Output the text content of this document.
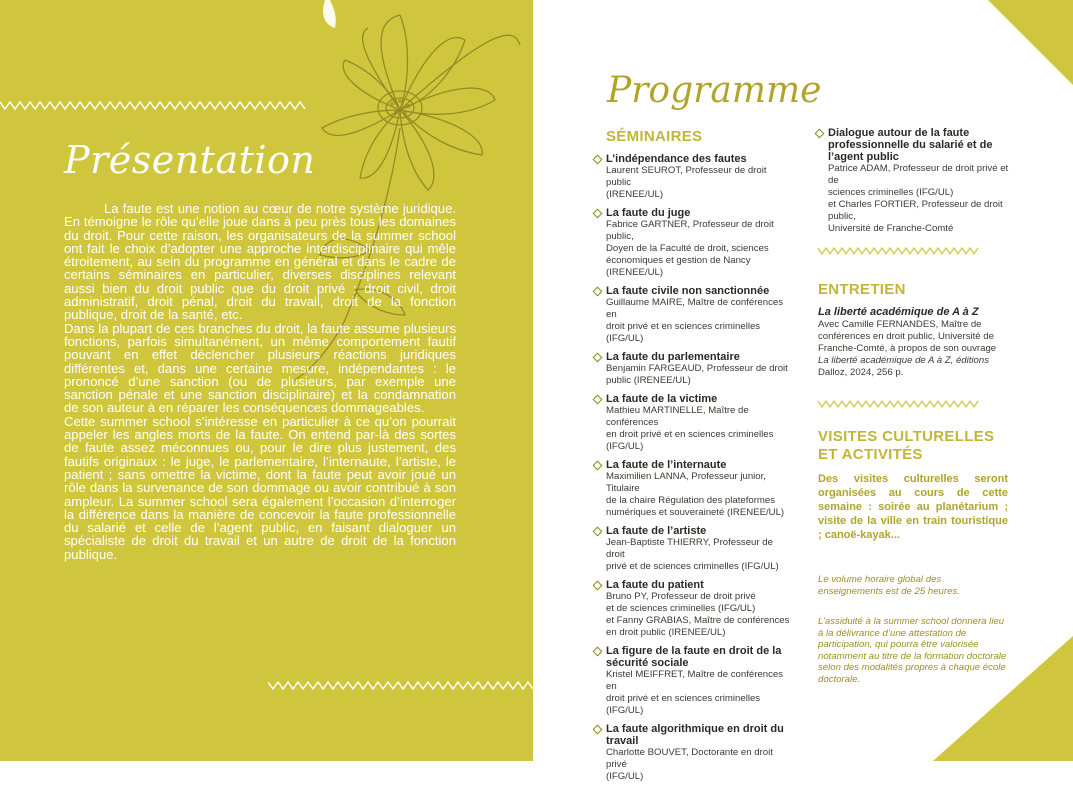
Présentation

La faute est une notion au cœur de notre système juridique. En témoigne le rôle qu’elle joue dans à peu près tous les domaines du droit. Pour cette raison, les organisateurs de la summer school ont fait le choix d’adopter une approche interdisciplinaire qui mêle étroitement, au sein du programme en général et dans le cadre de certains séminaires en particulier, diverses disciplines relevant aussi bien du droit public que du droit privé : droit civil, droit administratif, droit pénal, droit du travail, droit de la fonction publique, droit de la santé, etc.

Dans la plupart de ces branches du droit, la faute assume plusieurs fonctions, parfois simultanément, un même comportement fautif pouvant en effet déclencher plusieurs réactions juridiques différentes et, dans une certaine mesure, indépendantes : le prononcé d’une sanction (ou de plusieurs, par exemple une sanction pénale et une sanction disciplinaire) et la condamnation de son auteur à en réparer les conséquences dommageables.

Cette summer school s’intéresse en particulier à ce qu’on pourrait appeler les angles morts de la faute. On entend par-là des sortes de faute assez méconnues ou, pour le dire plus justement, des fautifs originaux : le juge, le parlementaire, l’internaute, l’artiste, le patient ; sans omettre la victime, dont la faute peut avoir joué un rôle dans la survenance de son dommage ou avoir contribué à son ampleur. La summer school sera également l’occasion d’interroger la différence dans la manière de concevoir la faute professionnelle du salarié et celle de l’agent public, en faisant dialoguer un spécialiste de droit du travail et un autre de droit de la fonction publique.

Programme
SÉMINAIRES
L’indépendance des fautes
Laurent SEUROT, Professeur de droit public
(IRENEE/UL)
La faute du juge
Fabrice GARTNER, Professeur de droit public,
Doyen de la Faculté de droit, sciences
économiques et gestion de Nancy (IRENEE/UL)
La faute civile non sanctionnée
Guillaume MAIRE, Maître de conférences en
droit privé et en sciences criminelles (IFG/UL)
La faute du parlementaire
Benjamin FARGEAUD, Professeur de droit
public (IRENEE/UL)
La faute de la victime
Mathieu MARTINELLE, Maître de conférences
en droit privé et en sciences criminelles
(IFG/UL)
La faute de l’internaute
Maximilien LANNA, Professeur junior, Titulaire
de la chaire Régulation des plateformes
numériques et souveraineté (IRENEE/UL)
La faute de l’artiste
Jean-Baptiste THIERRY, Professeur de droit
privé et de sciences criminelles (IFG/UL)
La faute du patient
Bruno PY, Professeur de droit privé
et de sciences criminelles (IFG/UL)
et Fanny GRABIAS, Maître de conférences
en droit public (IRENEE/UL)
La figure de la faute en droit de la sécurité sociale
Kristel MEIFFRET, Maître de conférences en
droit privé et en sciences criminelles (IFG/UL)
La faute algorithmique en droit du travail
Charlotte BOUVET, Doctorante en droit privé
(IFG/UL)
Dialogue autour de la faute professionnelle du salarié et de l’agent public
Patrice ADAM, Professeur de droit privé et de
sciences criminelles (IFG/UL)
et Charles FORTIER, Professeur de droit public,
Université de Franche-Comté
ENTRETIEN
La liberté académique de A à Z
Avec Camille FERNANDES, Maître de
conférences en droit public, Université de
Franche-Comté, à propos de son ouvrage
La liberté académique de A à Z, éditions
Dalloz, 2024, 256 p.
VISITES CULTURELLES
ET ACTIVITÉS
Des visites culturelles seront organisées au cours de cette semaine : soirée au planétarium ; visite de la ville en train touristique ; canoë-kayak...
Le volume horaire global des enseignements est de 25 heures.
L’assiduité à la summer school donnera lieu à la délivrance d’une attestation de participation, qui pourra être valorisée notamment au titre de la formation doctorale selon des modalités propres à chaque école doctorale.
